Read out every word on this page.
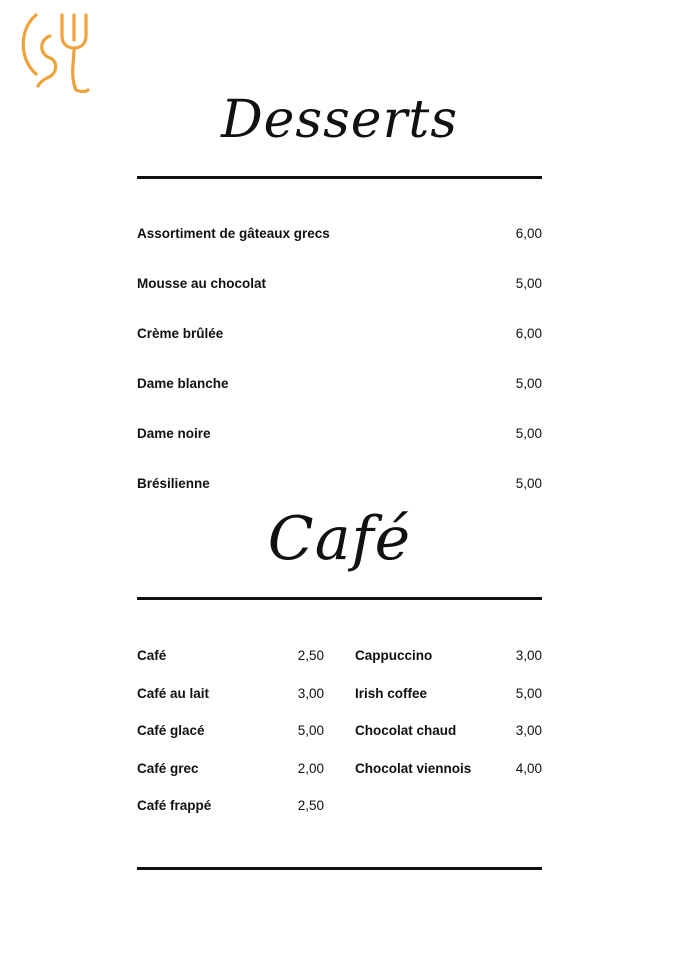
Desserts
Assortiment de gâteaux grecs	6,00
Mousse au chocolat	5,00
Crème brûlée	6,00
Dame blanche	5,00
Dame noire	5,00
Brésilienne	5,00
Café
Café	2,50
Café au lait	3,00
Café glacé	5,00
Café grec	2,00
Café frappé	2,50
Cappuccino	3,00
Irish coffee	5,00
Chocolat chaud	3,00
Chocolat viennois	4,00
